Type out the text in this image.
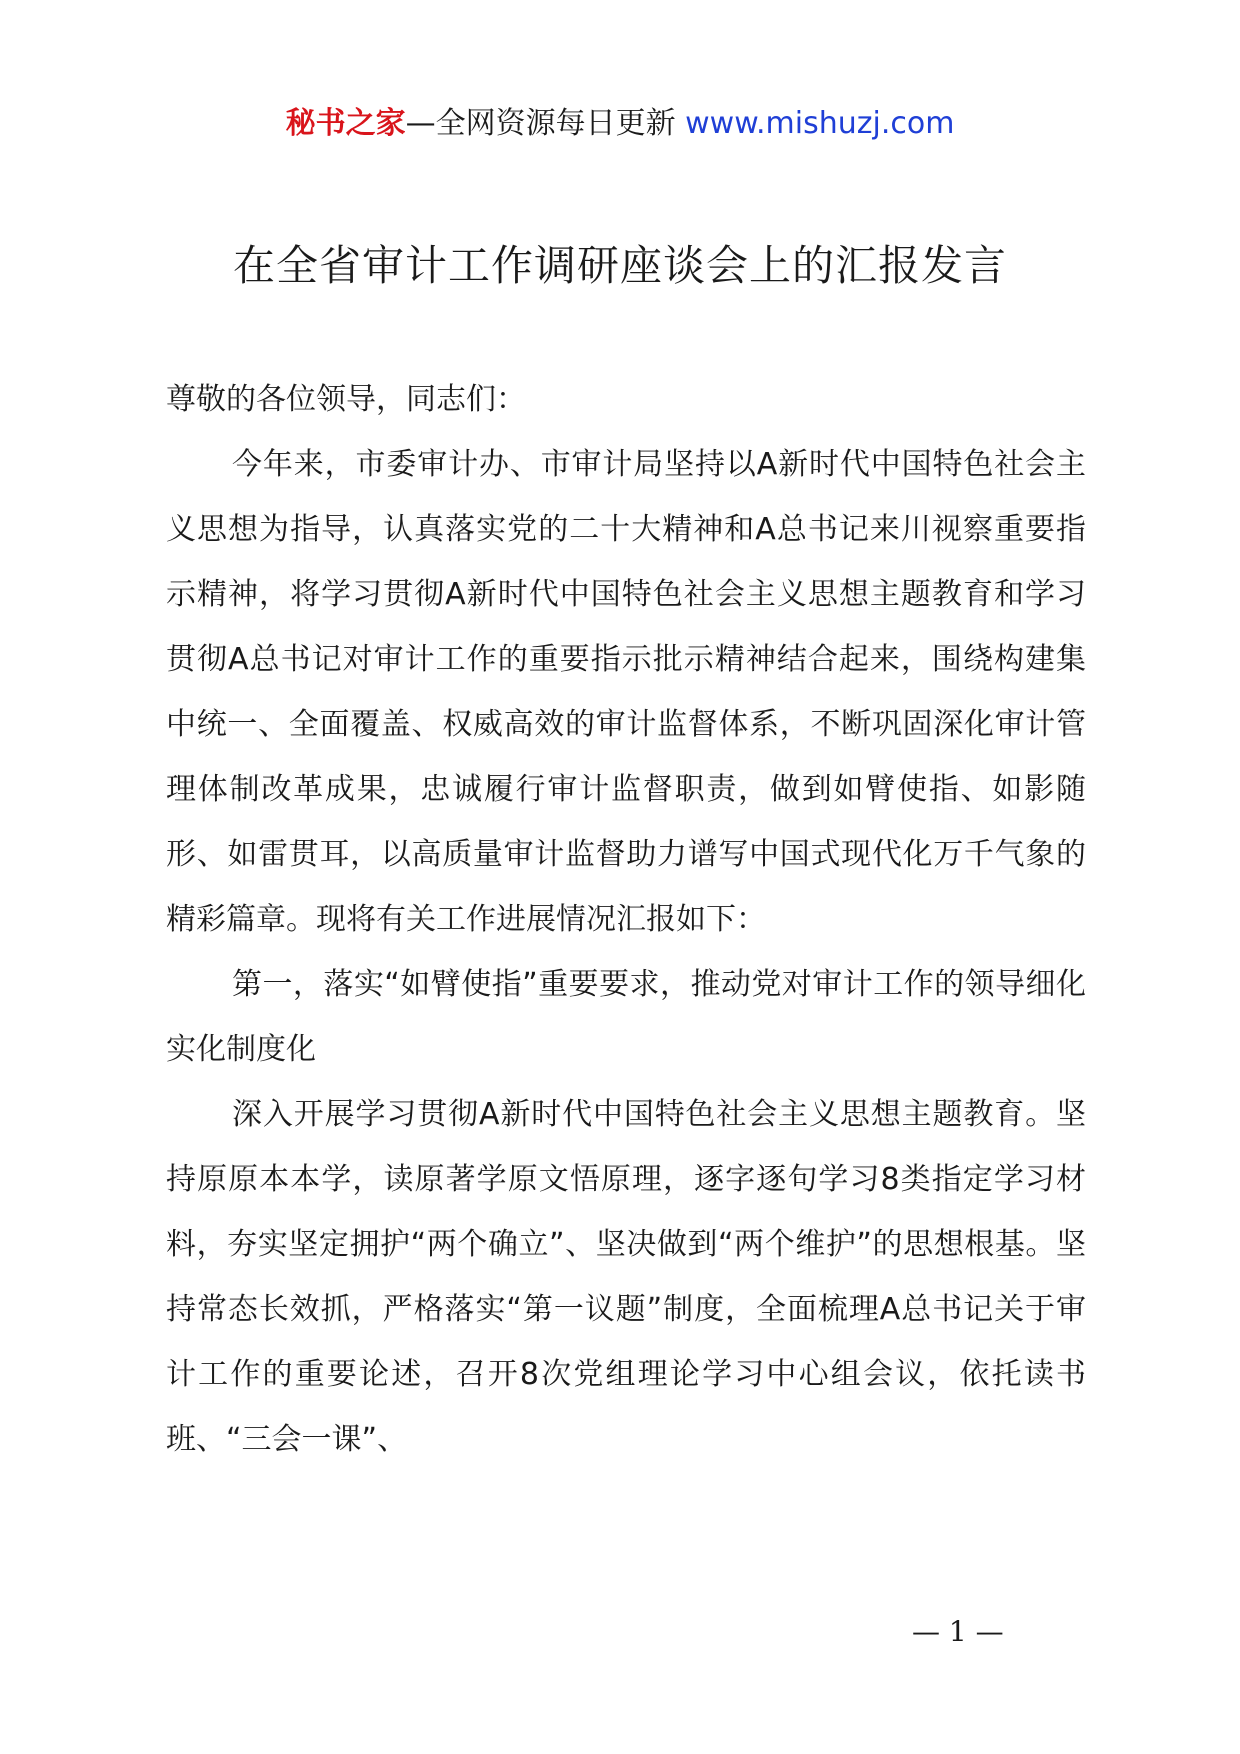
秘书之家—全网资源每日更新 www.mishuzj.com
在全省审计工作调研座谈会上的汇报发言

尊敬的各位领导，同志们：

今年来，市委审计办、市审计局坚持以A新时代中国特色社会主义思想为指导，认真落实党的二十大精神和A总书记来川视察重要指示精神，将学习贯彻A新时代中国特色社会主义思想主题教育和学习贯彻A总书记对审计工作的重要指示批示精神结合起来，围绕构建集中统一、全面覆盖、权威高效的审计监督体系，不断巩固深化审计管理体制改革成果，忠诚履行审计监督职责，做到如臂使指、如影随形、如雷贯耳，以高质量审计监督助力谱写中国式现代化万千气象的精彩篇章。现将有关工作进展情况汇报如下：

第一，落实“如臂使指”重要要求，推动党对审计工作的领导细化实化制度化

深入开展学习贯彻A新时代中国特色社会主义思想主题教育。坚持原原本本学，读原著学原文悟原理，逐字逐句学习8类指定学习材料，夯实坚定拥护“两个确立”、坚决做到“两个维护”的思想根基。坚持常态长效抓，严格落实“第一议题”制度，全面梳理A总书记关于审计工作的重要论述，召开8次党组理论学习中心组会议，依托读书班、“三会一课”、

— 1 —
